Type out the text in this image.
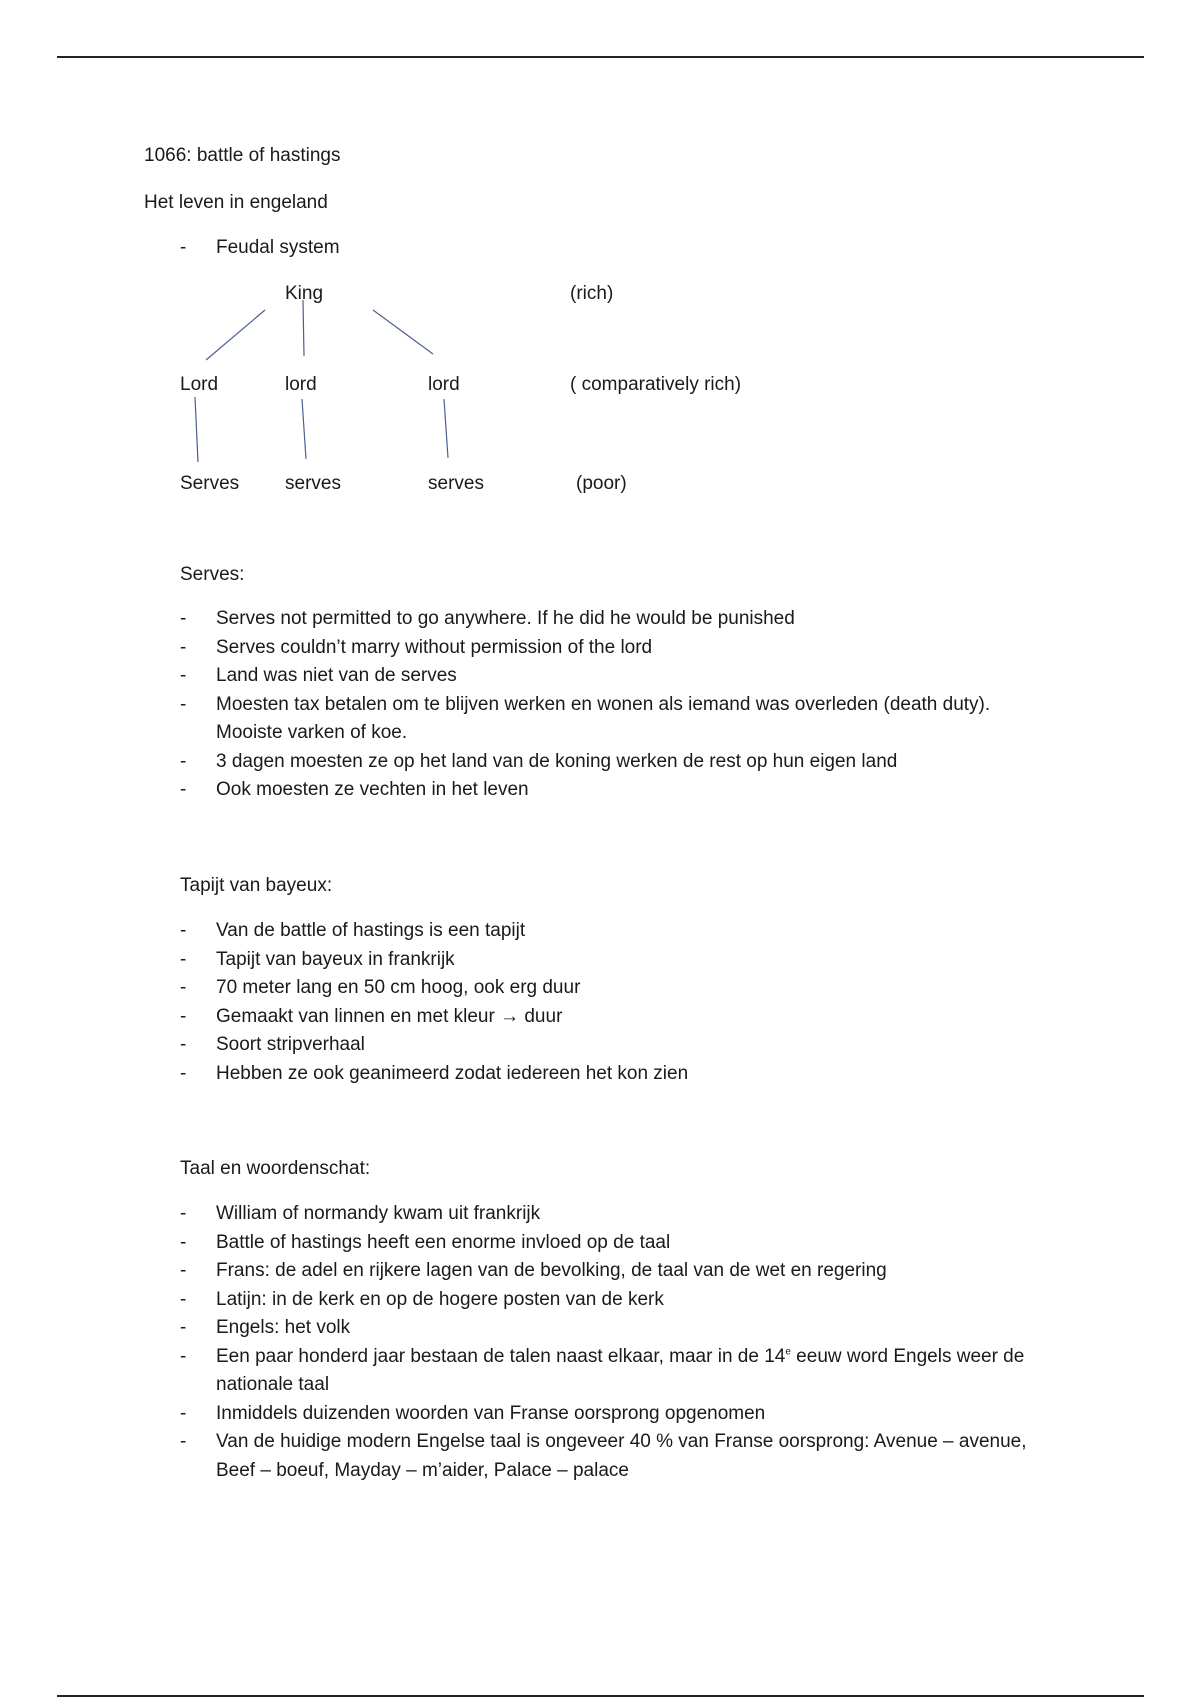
1066: battle of hastings
Het leven in engeland
- Feudal system
King	(rich)
Lord	lord	lord	( comparatively rich)
Serves serves	serves	(poor)
Serves:
- Serves not permitted to go anywhere. If he did he would be punished
- Serves couldn’t marry without permission of the lord
- Land was niet van de serves
- Moesten tax betalen om te blijven werken en wonen als iemand was overleden (death duty). Mooiste varken of koe.
- 3 dagen moesten ze op het land van de koning werken de rest op hun eigen land
- Ook moesten ze vechten in het leven
Tapijt van bayeux:
- Van de battle of hastings is een tapijt
- Tapijt van bayeux in frankrijk
- 70 meter lang en 50 cm hoog, ook erg duur
- Gemaakt van linnen en met kleur → duur
- Soort stripverhaal
- Hebben ze ook geanimeerd zodat iedereen het kon zien
Taal en woordenschat:
- William of normandy kwam uit frankrijk
- Battle of hastings heeft een enorme invloed op de taal
- Frans: de adel en rijkere lagen van de bevolking, de taal van de wet en regering
- Latijn: in de kerk en op de hogere posten van de kerk
- Engels: het volk
- Een paar honderd jaar bestaan de talen naast elkaar, maar in de 14e eeuw word Engels weer de nationale taal
- Inmiddels duizenden woorden van Franse oorsprong opgenomen
- Van de huidige modern Engelse taal is ongeveer 40 % van Franse oorsprong: Avenue – avenue, Beef – boeuf, Mayday – m’aider, Palace – palace
